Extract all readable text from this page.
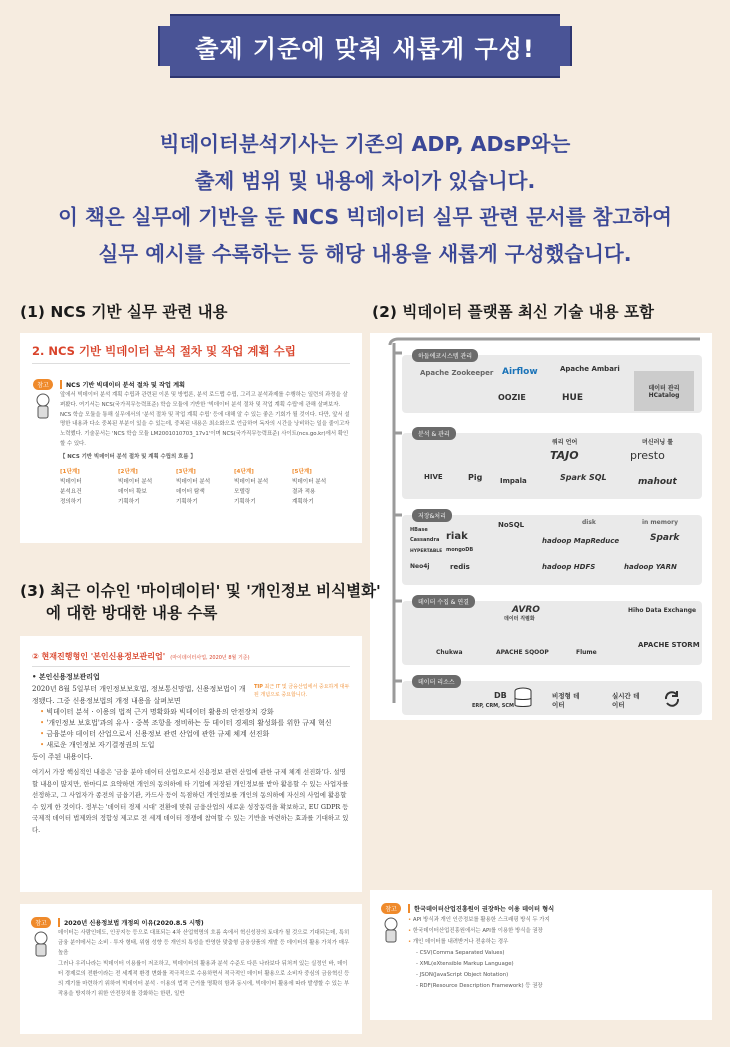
출제 기준에 맞춰 새롭게 구성!
빅데이터분석기사는 기존의 ADP, ADsP와는
출제 범위 및 내용에 차이가 있습니다.
이 책은 실무에 기반을 둔 NCS 빅데이터 실무 관련 문서를 참고하여
실무 예시를 수록하는 등 해당 내용을 새롭게 구성했습니다.
(1) NCS 기반 실무 관련 내용
2. NCS 기반 빅데이터 분석 절차 및 작업 계획 수립
참고	NCS 기반 빅데이터 분석 절차 및 작업 계획
앞에서 빅데이터 분석 계획 수립과 관련된 이론 및 방법론, 분석 로드맵 수립, 그리고 분석과제를 수행하는 일련의 과정을 살펴봤다. 여기서는 NCS(국가직무능력표준) 학습 모듈에 기반한 '빅데이터 분석 절차 및 작업 계획 수립'에 관해 살펴보자. NCS 학습 모듈을 통해 실무에서의 '분석 절차 및 작업 계획 수립' 등에 대해 알 수 있는 좋은 기회가 될 것이다. 다만, 앞서 설명한 내용과 다소 중복된 부분이 있을 수 있는데, 중복된 내용은 최소화으로 언급하여 독자의 시간을 낭비하는 일을 줄이고자 노력했다. 기술문서는 'NCS 학습 모듈 LM2001010703_17v1'이며 NCS(국가직무능력표준) 사이트(ncs.go.kr)에서 확인할 수 있다.
【 NCS 기반 빅데이터 분석 절차 및 계획 수립의 흐름 】
[1단계]	[2단계]	[3단계]	[4단계]	[5단계]
빅데이터	빅데이터 분석	빅데이터 분석	빅데이터 분석	빅데이터 분석
분석요건	데이터 확보	데이터 탐색	모델링	결과 적용
정의하기	기획하기	기획하기	기획하기	계획하기
(2) 빅데이터 플랫폼 최신 기술 내용 포함
하둡에코시스템 관리
Apache Zookeeper Airflow	Apache Ambari
OOZIE	HUE
데이터 관리 HCatalog
분석 & 관리
쿼리 언어	머신러닝 툴
HIVE	Pig	Impala
TAJO
Spark SQL
presto
mahout
저장&처리
HBase
Cassandra riak
mongoDB
HYPERTABLE
Neo4j	redis
NoSQL	disk	in memory
hadoop MapReduce	Spark
hadoop HDFS	hadoop YARN
데이터 수집 & 연결
데이터 직렬화
AVRO
Chukwa	APACHE SQOOP	Flume
Hiho Data Exchange
APACHE STORM
데이터 리소스
DB
ERP, CRM, SCM
비정형 데이터
실시간 데이터
(3) 최근 이슈인 '마이데이터' 및 '개인정보 비식별화'
에 대한 방대한 내용 수록
② 현재진행형인 '본인신용정보관리업' (마이데이터사업, 2020년 8월 기준)
• 본인신용정보관리업
2020년 8월 5일부터 개인정보보호법, 정보통신망법, 신용정보법이 개정됐다. 그중 신용정보법의 개정 내용을 살펴보면
TIP 최근 IT 및 금융산업에서 중요하게 대두된 개념으로 중요합니다.
• 빅데이터 분석 · 이용의 법적 근거 명확화와 빅데이터 활용의 안전장치 강화
• '개인정보 보호법'과의 유사 · 중복 조항을 정비하는 등 데이터 경제의 활성화를 위한 규제 혁신
• 금융분야 데이터 산업으로서 신용정보 관련 산업에 관한 규제 체계 선진화
• 새로운 개인정보 자기결정권의 도입
등이 주된 내용이다.
여기서 가장 핵심적인 내용은 '금융 분야 데이터 산업으로서 신용정보 관련 산업에 관한 규제 체계 선진화'다. 설명할 내용이 많지만, 한마디로 요약하면 개인의 동의하에 타 기업에 저장된 개인정보를 받아 활용할 수 있는 사업자를 선정하고, 그 사업자가 종전의 금융기관, 카드사 등이 독점하던 개인정보를 개인의 동의하에 자신의 사업에 활용할 수 있게 한 것이다. 정부는 '데이터 경제 시대' 전환에 맞춰 금융산업의 새로운 성장동력을 확보하고, EU GDPR 등 국제적 데이터 법제와의 정합성 제고로 전 세계 데이터 경쟁에 참여할 수 있는 기반을 마련하는 효과를 기대하고 있다.
참고	2020년 신용정보법 개정의 이유(2020.8.5 시행)
데이터는 사람인데도, 인공지능 등으로 대표되는 4차 산업혁명의 흐름 속에서 혁신성장의 토대가 될 것으로 기대되는데, 특히 금융 분야에서는 소비 · 투자 형태, 위험 성향 등 개인의 특성을 반영한 맞춤형 금융상품의 개발 등 데이터의 활용 가치가 매우 높음
그러나 우리나라는 빅데이터 이용률이 저조하고, 빅데이터의 활용과 분석 수준도 다른 나라보다 뒤처져 있는 실정인 바, 데이터 경제로의 전환이라는 전 세계적 환경 변화를 적극적으로 수용하면서 적극적인 데이터 활용으로 소비자 중심의 금융혁신 등의 계기를 마련하기 위하여 빅데이터 분석 · 이용의 법적 근거를 명확히 함과 동시에, 빅데이터 활용에 따라 발생할 수 있는 부작용을 방지하기 위한 안전장치를 강화하는 한편, 일반
참고	한국데이터산업진흥원이 권장하는 이용 데이터 형식
• API 방식과 개인 인증정보를 활용한 스크래핑 방식 두 가지
• 한국데이터산업진흥원에서는 API를 이용한 방식을 권장
• 개인 데이터를 내려받거나 전송하는 경우
- CSV(Comma Separated Values)
- XML(eXtensible Markup Language)
- JSON(JavaScript Object Notation)
- RDF(Resource Description Framework) 등 권장
